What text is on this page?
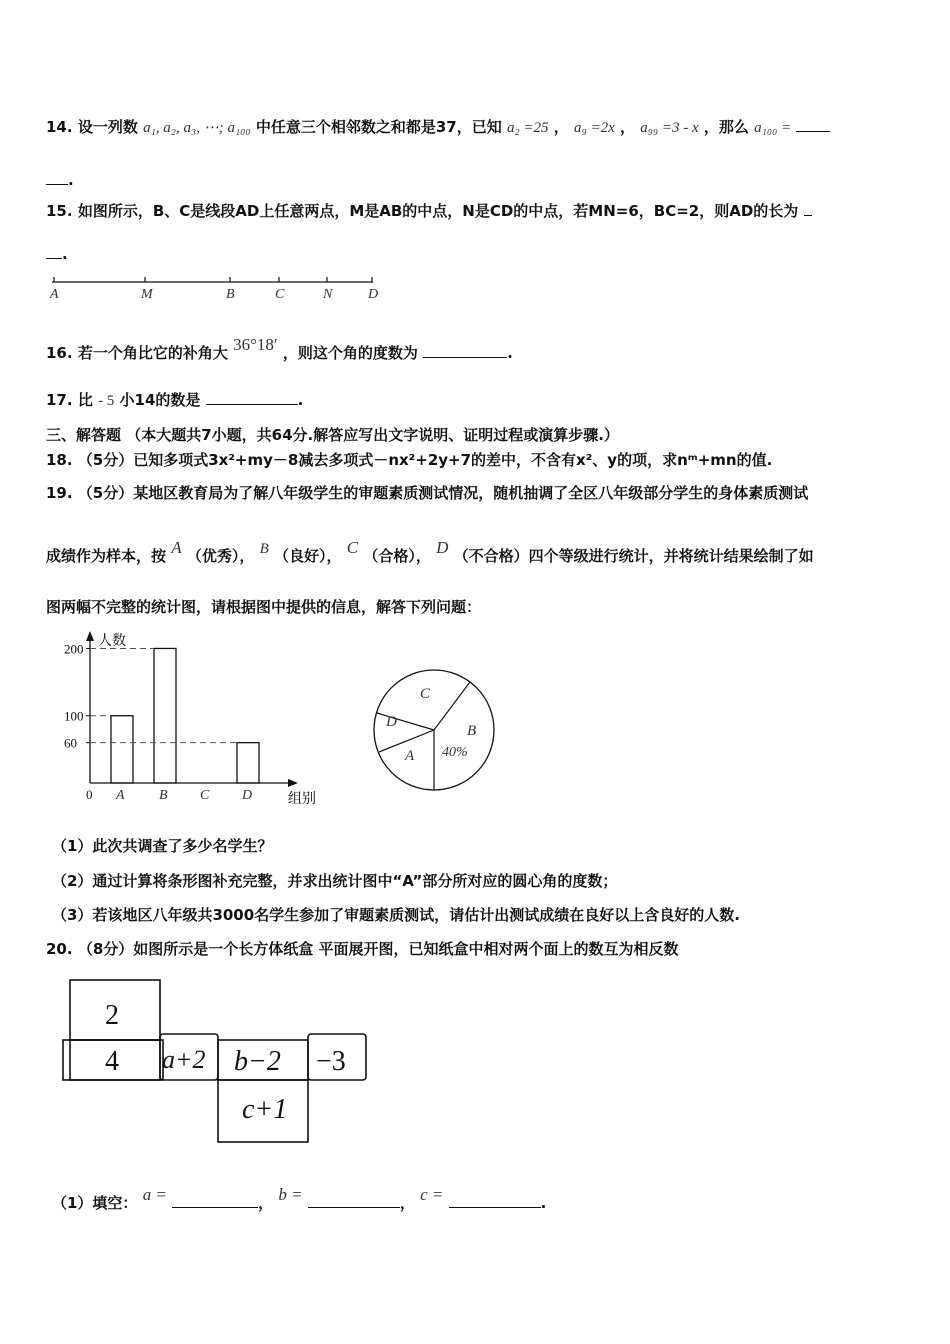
14. 设一列数 a₁, a₂, a₃, ⋯; a₁₀₀ 中任意三个相邻数之和都是37，已知 a₂ =25 ， a₉ =2x ， a₉₉ =3 - x ，那么 a₁₀₀ =
.
15. 如图所示，B、C是线段AD上任意两点，M是AB的中点，N是CD的中点，若MN=6，BC=2，则AD的长为
.
A	M	B	C	N	D
16. 若一个角比它的补角大 36°18′ ，则这个角的度数为	.
17. 比 - 5 小14的数是	.
三、解答题 （本大题共7小题，共64分.解答应写出文字说明、证明过程或演算步骤.）
18. （5分）已知多项式3x²+my－8减去多项式－nx²+2y+7的差中，不含有x²、y的项，求nᵐ+mn的值.
19. （5分）某地区教育局为了解八年级学生的审题素质测试情况，随机抽调了全区八年级部分学生的身体素质测试
成绩作为样本，按 A （优秀）， B （良好）， C （合格）， D （不合格）四个等级进行统计，并将统计结果绘制了如
图两幅不完整的统计图，请根据图中提供的信息，解答下列问题：
人数
组别
A B C D
0
60
100
200
C
B
A
D
40%
（1）此次共调查了多少名学生？
（2）通过计算将条形图补充完整，并求出统计图中“A”部分所对应的圆心角的度数；
（3）若该地区八年级共3000名学生参加了审题素质测试，请估计出测试成绩在良好以上含良好的人数.
20. （8分）如图所示是一个长方体纸盒 平面展开图，已知纸盒中相对两个面上的数互为相反数
2
4 a+2 b−2 −3
c+1
（1）填空： a =	， b =	， c =	.
